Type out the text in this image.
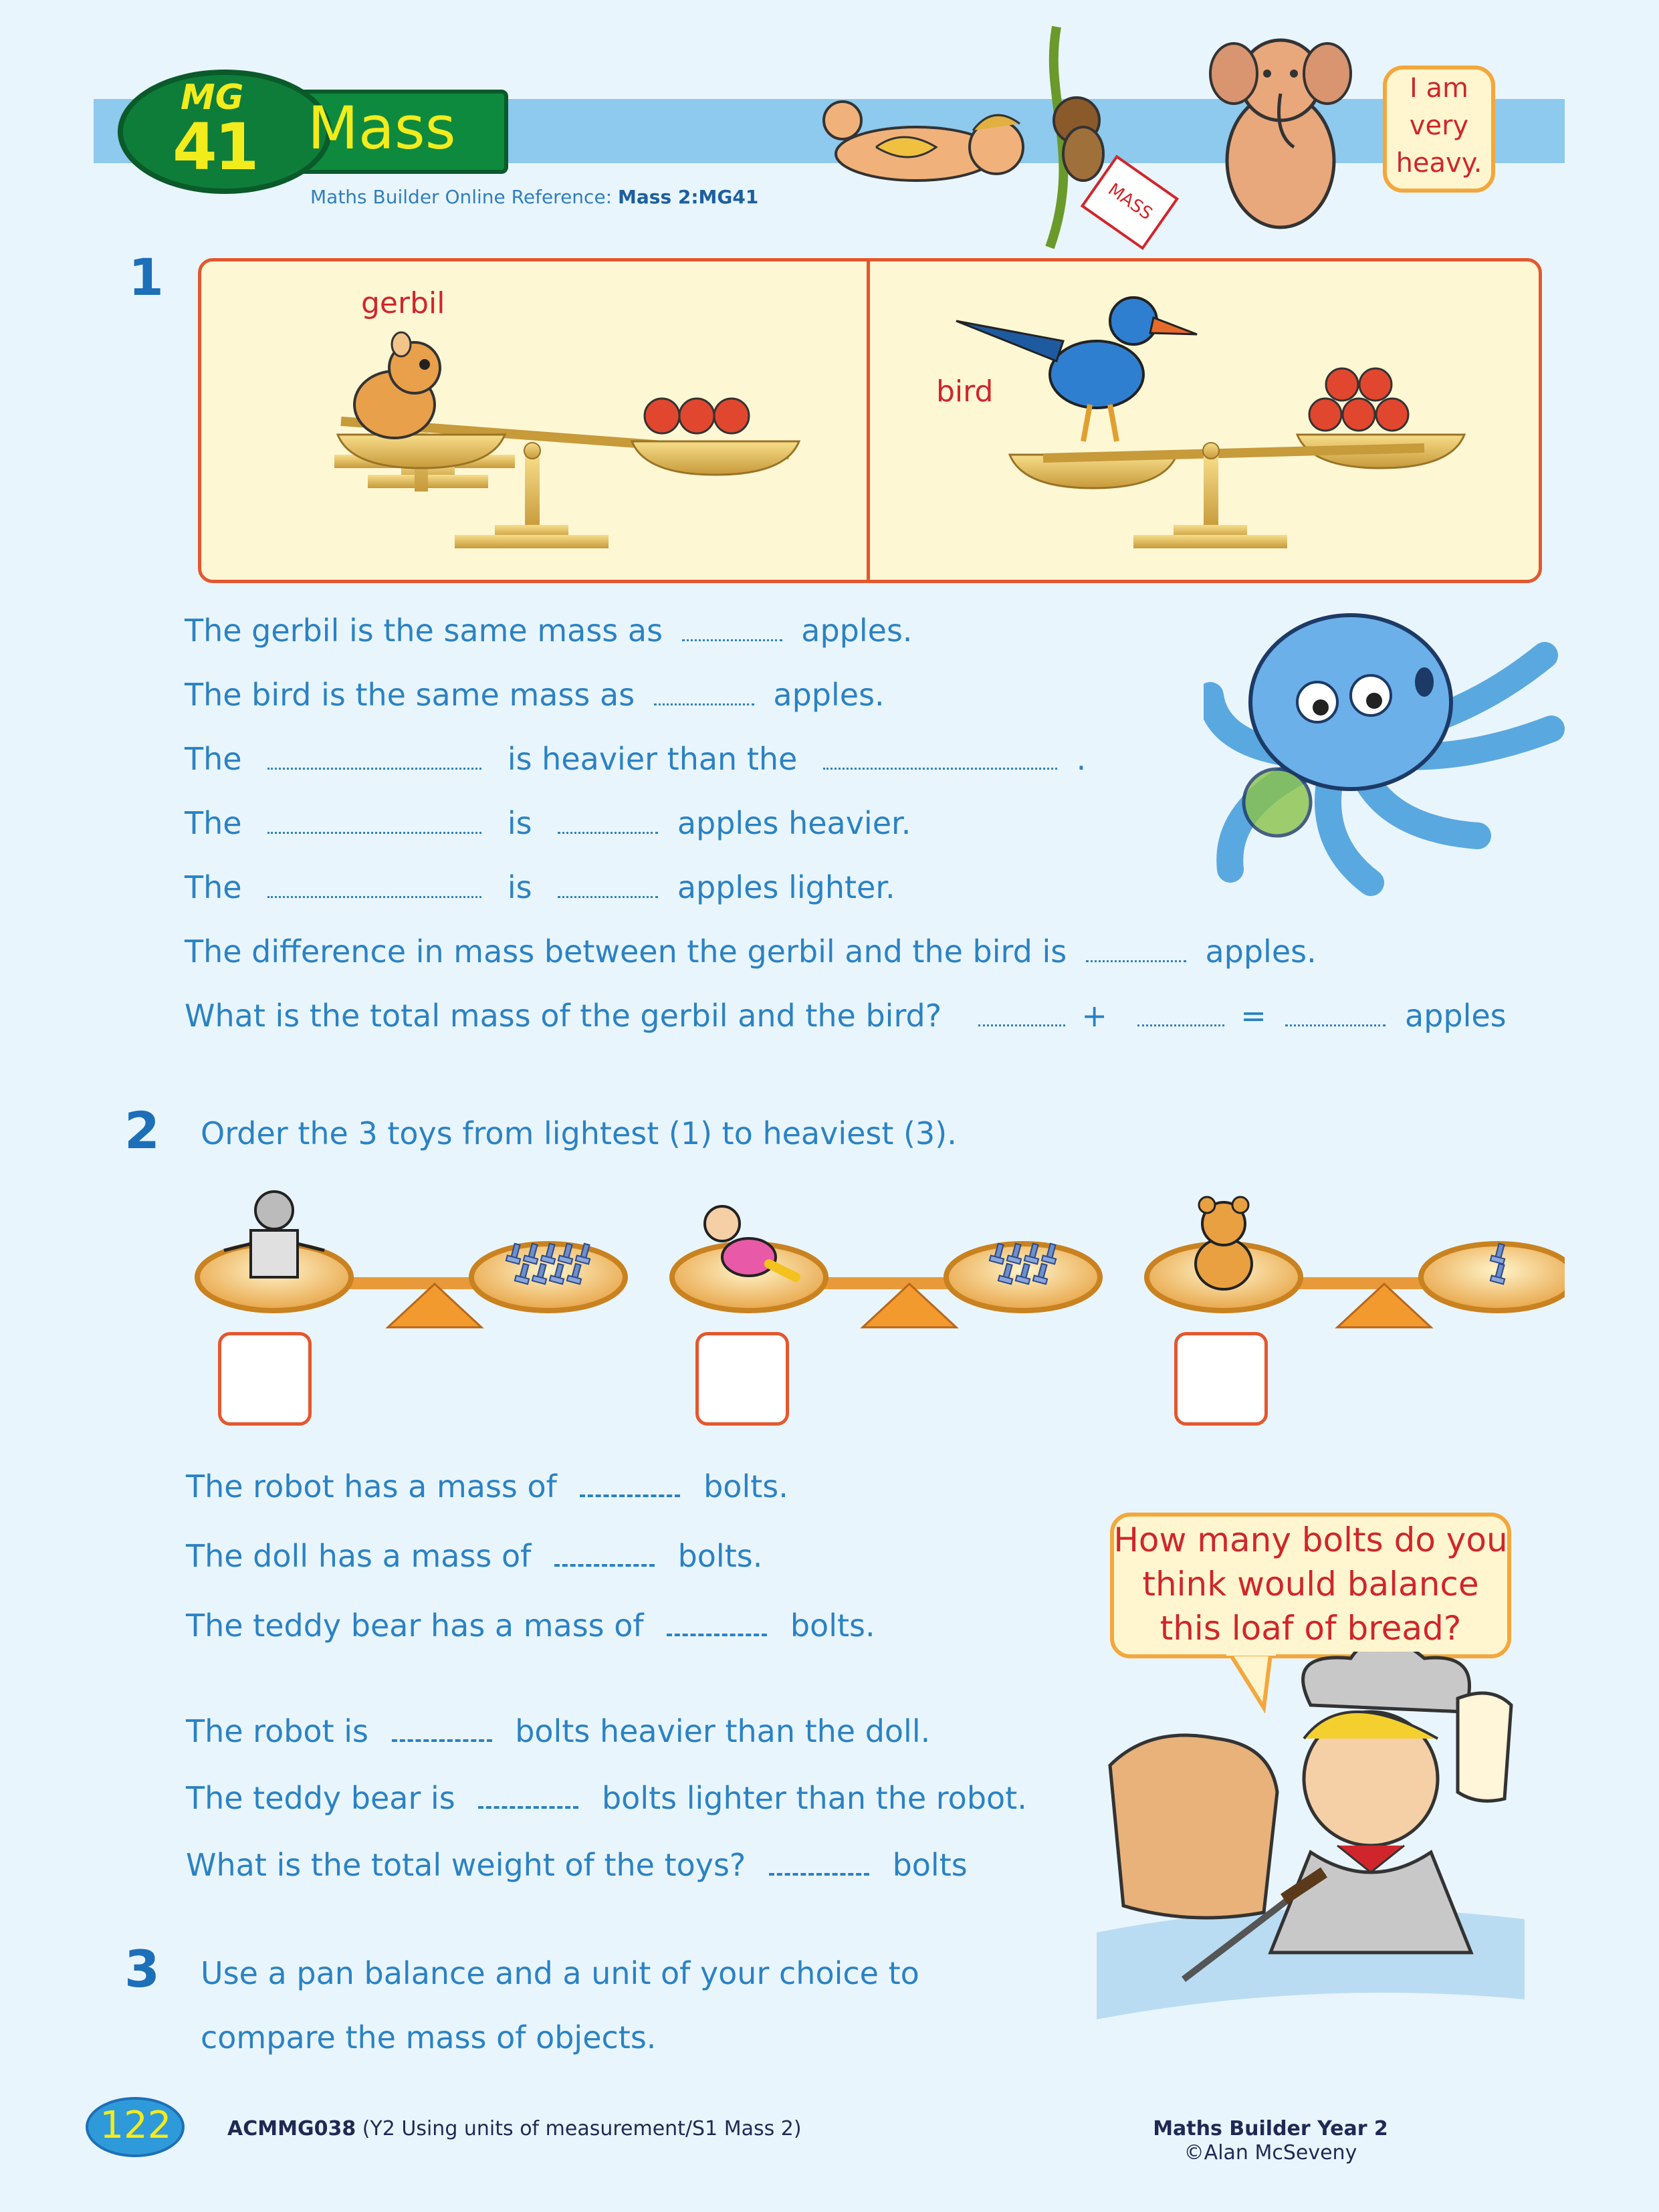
MG
41 Mass
Maths Builder Online Reference: Mass 2:MG41	MASS
I am
very
heavy.
1	gerbil
bird
The gerbil is the same mass as	apples.
The bird is the same mass as	apples.
The	is heavier than the	.
The	is	apples heavier.
The	is	apples lighter.
The difference in mass between the gerbil and the bird is	apples.
What is the total mass of the gerbil and the bird?	+	=	apples
2 Order the 3 toys from lightest (1) to heaviest (3).
The robot has a mass of	bolts.
The doll has a mass of	bolts.
The teddy bear has a mass of	bolts.
The robot is	bolts heavier than the doll.
The teddy bear is	bolts lighter than the robot.
What is the total weight of the toys?	bolts
How many bolts do you
think would balance
this loaf of bread?
3 Use a pan balance and a unit of your choice to
compare the mass of objects.
122	ACMMG038 (Y2 Using units of measurement/S1 Mass 2)	Maths Builder Year 2
©Alan McSeveny
